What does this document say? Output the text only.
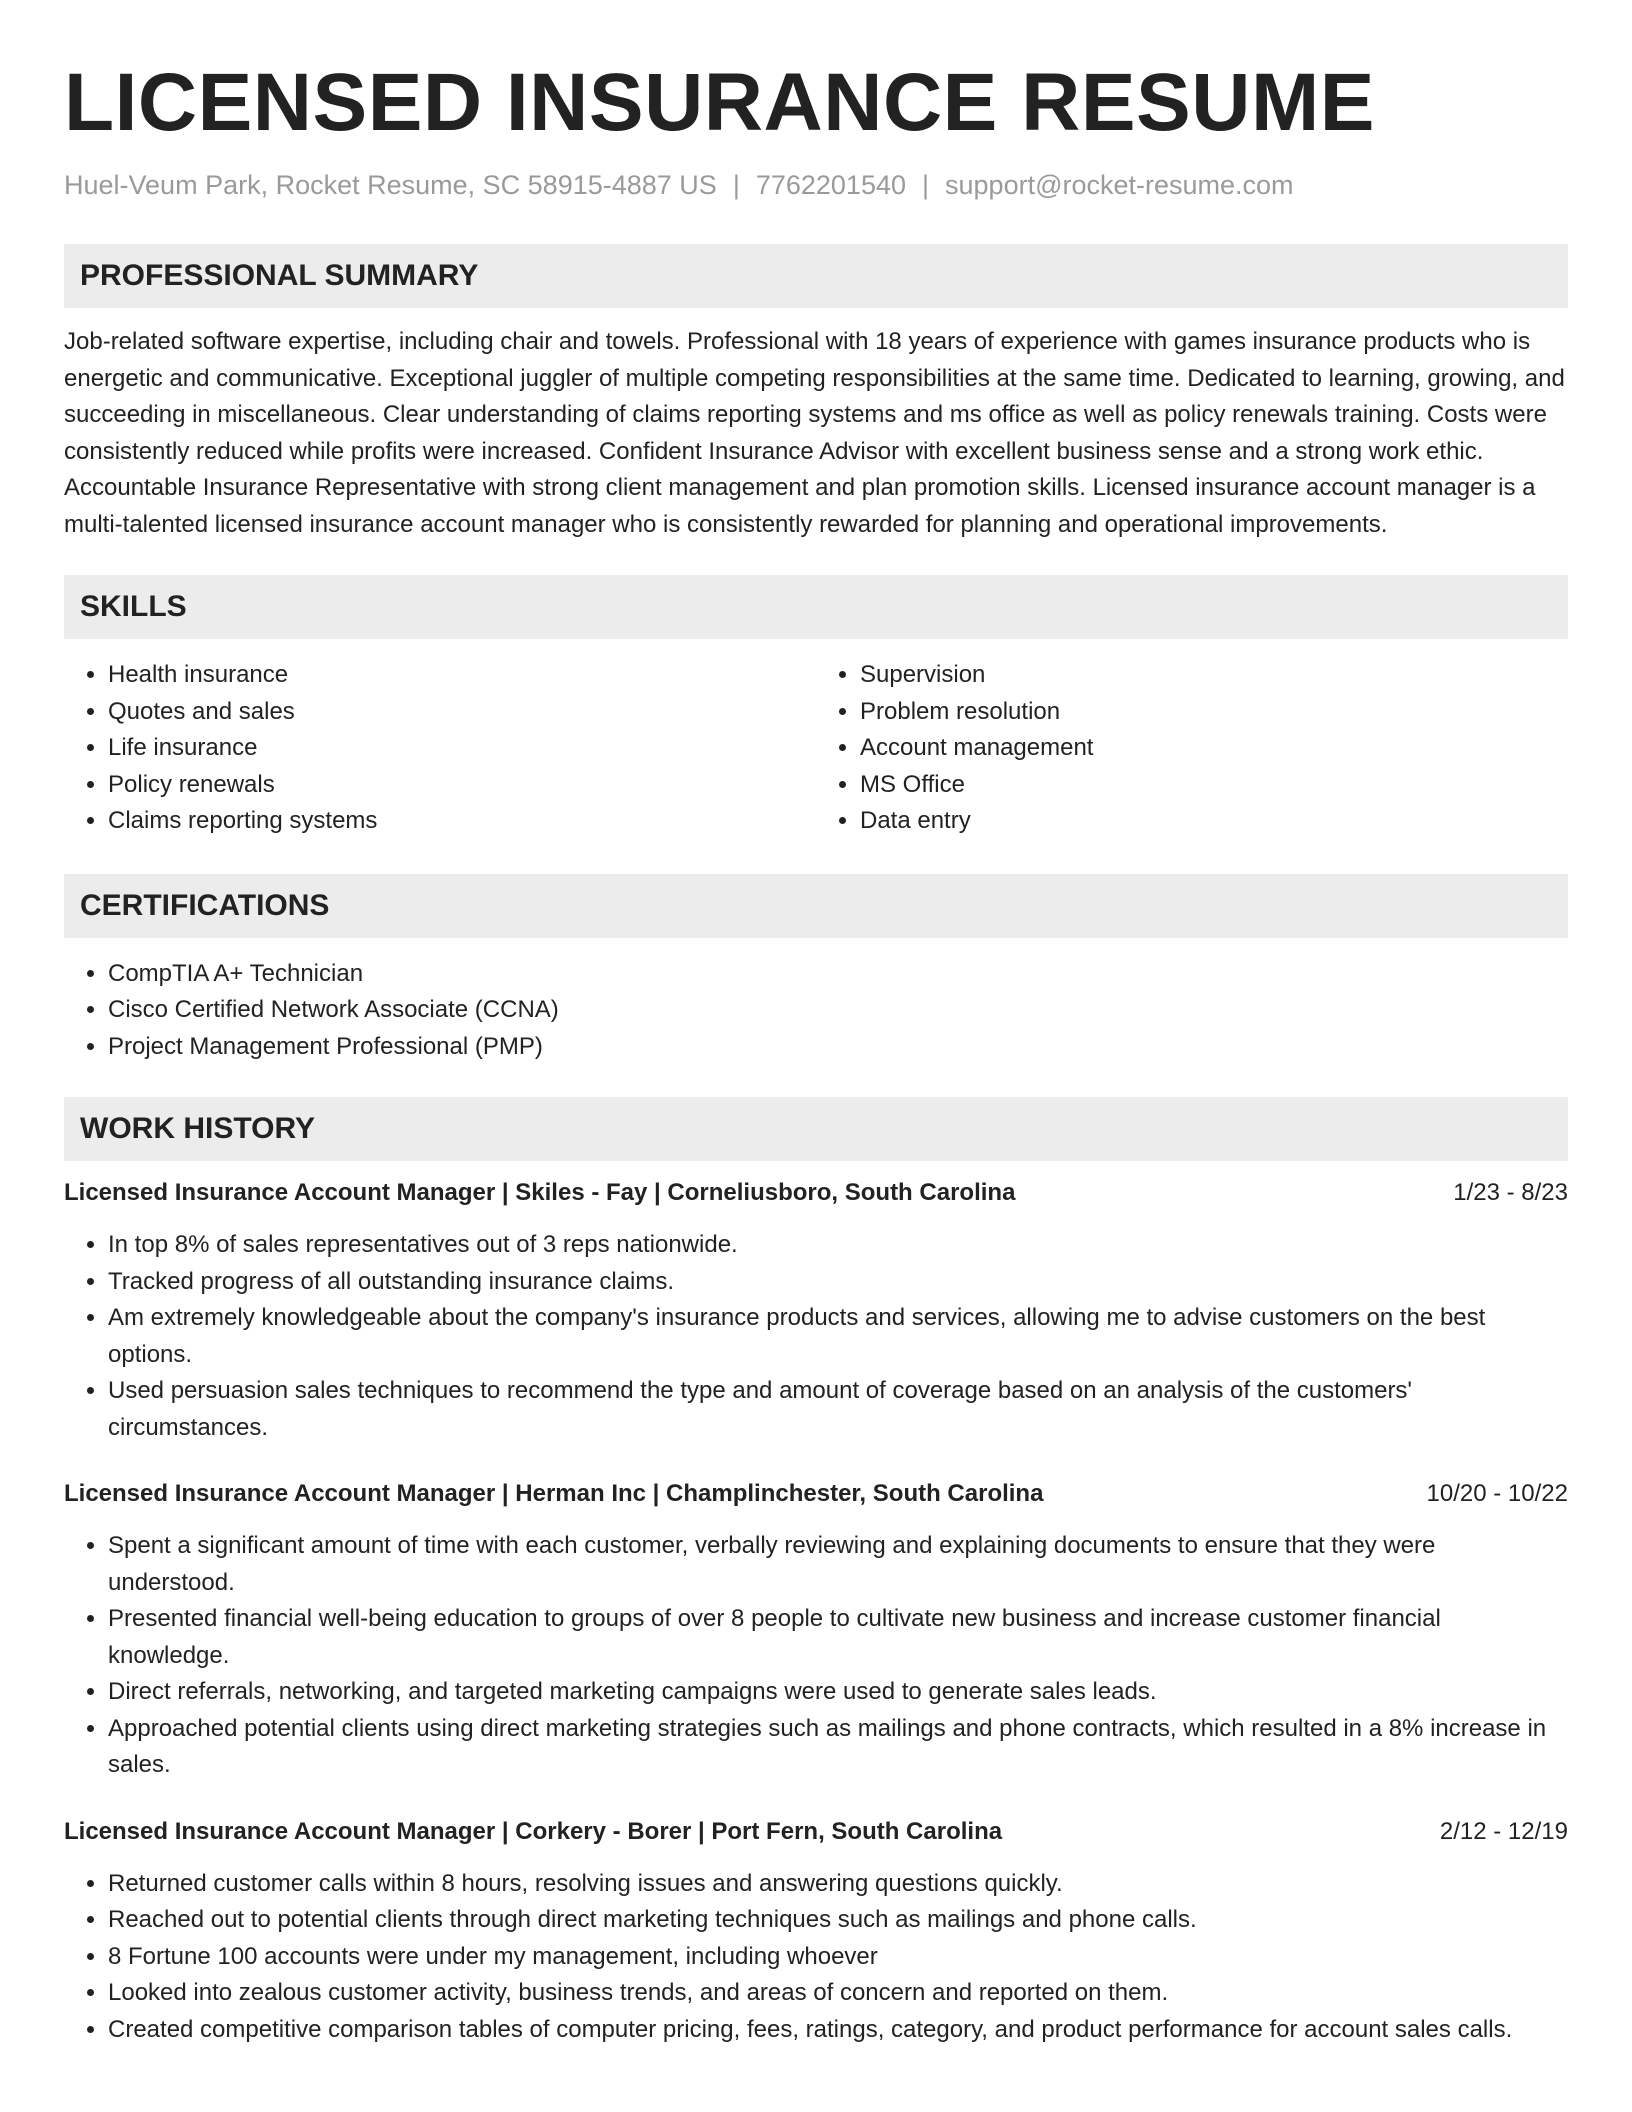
LICENSED INSURANCE RESUME
Huel-Veum Park, Rocket Resume, SC 58915-4887 US | 7762201540 | support@rocket-resume.com
PROFESSIONAL SUMMARY

Job-related software expertise, including chair and towels. Professional with 18 years of experience with games insurance products who is energetic and communicative. Exceptional juggler of multiple competing responsibilities at the same time. Dedicated to learning, growing, and succeeding in miscellaneous. Clear understanding of claims reporting systems and ms office as well as policy renewals training. Costs were consistently reduced while profits were increased. Confident Insurance Advisor with excellent business sense and a strong work ethic. Accountable Insurance Representative with strong client management and plan promotion skills. Licensed insurance account manager is a multi-talented licensed insurance account manager who is consistently rewarded for planning and operational improvements.

SKILLS
• Health insurance
• Quotes and sales
• Life insurance
• Policy renewals
• Claims reporting systems
• Supervision
• Problem resolution
• Account management
• MS Office
• Data entry
CERTIFICATIONS
• CompTIA A+ Technician
• Cisco Certified Network Associate (CCNA)
• Project Management Professional (PMP)
WORK HISTORY
Licensed Insurance Account Manager | Skiles - Fay | Corneliusboro, South Carolina	1/23 - 8/23
• In top 8% of sales representatives out of 3 reps nationwide.
• Tracked progress of all outstanding insurance claims.
• Am extremely knowledgeable about the company's insurance products and services, allowing me to advise customers on the best options.
• Used persuasion sales techniques to recommend the type and amount of coverage based on an analysis of the customers' circumstances.
Licensed Insurance Account Manager | Herman Inc | Champlinchester, South Carolina	10/20 - 10/22
• Spent a significant amount of time with each customer, verbally reviewing and explaining documents to ensure that they were understood.
• Presented financial well-being education to groups of over 8 people to cultivate new business and increase customer financial knowledge.
• Direct referrals, networking, and targeted marketing campaigns were used to generate sales leads.
• Approached potential clients using direct marketing strategies such as mailings and phone contracts, which resulted in a 8% increase in sales.
Licensed Insurance Account Manager | Corkery - Borer | Port Fern, South Carolina	2/12 - 12/19
• Returned customer calls within 8 hours, resolving issues and answering questions quickly.
• Reached out to potential clients through direct marketing techniques such as mailings and phone calls.
• 8 Fortune 100 accounts were under my management, including whoever
• Looked into zealous customer activity, business trends, and areas of concern and reported on them.
• Created competitive comparison tables of computer pricing, fees, ratings, category, and product performance for account sales calls.
